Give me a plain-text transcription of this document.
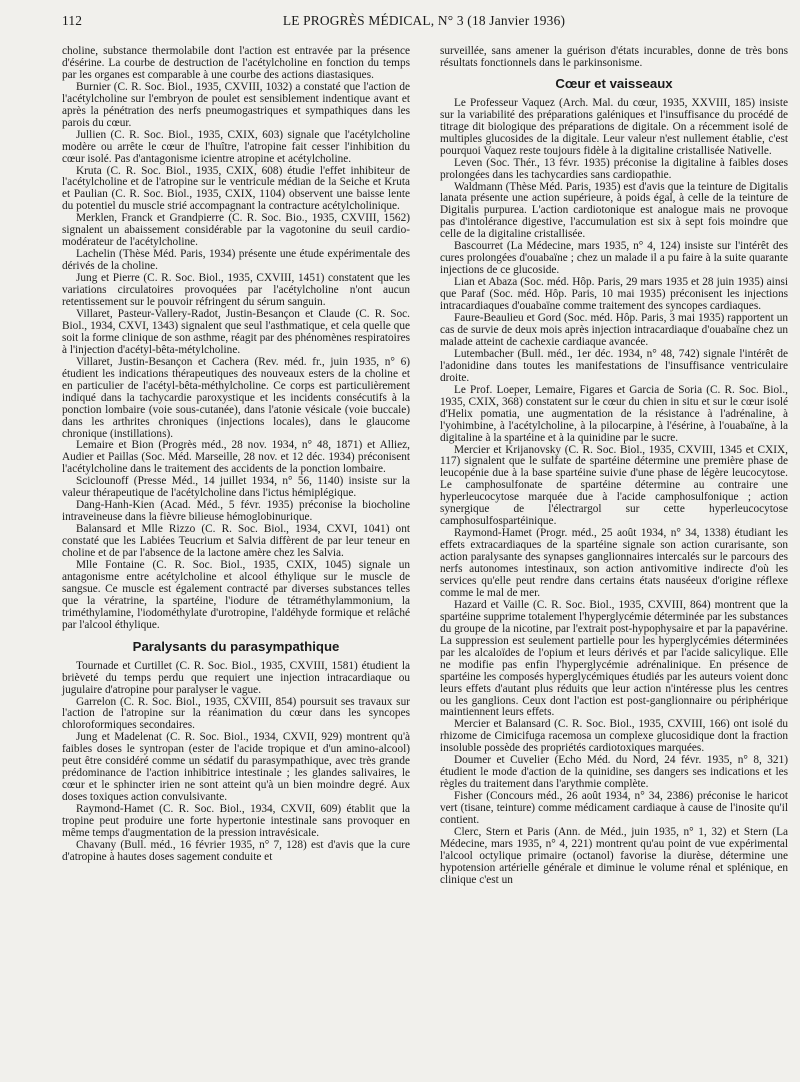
112	LE PROGRÈS MÉDICAL, N° 3 (18 Janvier 1936)

choline, substance thermolabile dont l'action est entravée par la présence d'ésérine. La courbe de destruction de l'acétylcholine en fonction du temps par les organes est comparable à une courbe des actions diastasiques.

Burnier (C. R. Soc. Biol., 1935, CXVIII, 1032) a constaté que l'action de l'acétylcholine sur l'embryon de poulet est sensiblement indentique avant et après la pénétration des nerfs pneumogastriques et sympathiques dans les parois du cœur.

Jullien (C. R. Soc. Biol., 1935, CXIX, 603) signale que l'acétylcholine modère ou arrête le cœur de l'huître, l'atropine fait cesser l'inhibition du cœur isolé. Pas d'antagonisme icientre atropine et acétylcholine.

Kruta (C. R. Soc. Biol., 1935, CXIX, 608) étudie l'effet inhibiteur de l'acétylcholine et de l'atropine sur le ventricule médian de la Seiche et Kruta et Paulian (C. R. Soc. Biol., 1935, CXIX, 1104) observent une baisse lente du potentiel du muscle strié accompagnant la contracture acétylcholinique.

Merklen, Franck et Grandpierre (C. R. Soc. Bio., 1935, CXVIII, 1562) signalent un abaissement considérable par la vagotonine du seuil cardio-modérateur de l'acétylcholine.

Lachelin (Thèse Méd. Paris, 1934) présente une étude expérimentale des dérivés de la choline.

Jung et Pierre (C. R. Soc. Biol., 1935, CXVIII, 1451) constatent que les variations circulatoires provoquées par l'acétylcholine n'ont aucun retentissement sur le pouvoir réfringent du sérum sanguin.

Villaret, Pasteur-Vallery-Radot, Justin-Besançon et Claude (C. R. Soc. Biol., 1934, CXVI, 1343) signalent que seul l'asthmatique, et cela quelle que soit la forme clinique de son asthme, réagit par des phénomènes respiratoires à l'injection d'acétyl-bêta-métylcholine.

Villaret, Justin-Besançon et Cachera (Rev. méd. fr., juin 1935, n° 6) étudient les indications thérapeutiques des nouveaux esters de la choline et en particulier de l'acétyl-bêta-méthylcholine. Ce corps est particulièrement indiqué dans la tachycardie paroxystique et les incidents consécutifs à la ponction lombaire (voie sous-cutanée), dans l'atonie vésicale (voie buccale) dans les arthrites chroniques (injections locales), dans le glaucome chronique (instillations).

Lemaire et Bion (Progrès méd., 28 nov. 1934, n° 48, 1871) et Alliez, Audier et Paillas (Soc. Méd. Marseille, 28 nov. et 12 déc. 1934) préconisent l'acétylcholine dans le traitement des accidents de la ponction lombaire.

Sciclounoff (Presse Méd., 14 juillet 1934, n° 56, 1140) insiste sur la valeur thérapeutique de l'acétylcholine dans l'ictus hémiplégique.

Dang-Hanh-Kien (Acad. Méd., 5 févr. 1935) préconise la biocholine intraveineuse dans la fièvre bilieuse hémoglobinurique.

Balansard et Mlle Rizzo (C. R. Soc. Biol., 1934, CXVI, 1041) ont constaté que les Labiées Teucrium et Salvia diffèrent de par leur teneur en choline et de par l'absence de la lactone amère chez les Salvia.

Mlle Fontaine (C. R. Soc. Biol., 1935, CXIX, 1045) signale un antagonisme entre acétylcholine et alcool éthylique sur le muscle de sangsue. Ce muscle est également contracté par diverses substances telles que la vératrine, la spartéine, l'iodure de tétraméthylammonium, la triméthylamine, l'iodométhylate d'urotropine, l'aldéhyde formique et relâché par l'alcool éthylique.

Paralysants du parasympathique

Tournade et Curtillet (C. R. Soc. Biol., 1935, CXVIII, 1581) étudient la brièveté du temps perdu que requiert une injection intracardiaque ou jugulaire d'atropine pour paralyser le vague.

Garrelon (C. R. Soc. Biol., 1935, CXVIII, 854) poursuit ses travaux sur l'action de l'atropine sur la réanimation du cœur dans les syncopes chloroformiques secondaires.

Jung et Madelenat (C. R. Soc. Biol., 1934, CXVII, 929) montrent qu'à faibles doses le syntropan (ester de l'acide tropique et d'un amino-alcool) peut être considéré comme un sédatif du parasympathique, avec très grande prédominance de l'action inhibitrice intestinale ; les glandes salivaires, le cœur et le sphincter irien ne sont atteint qu'à un bien moindre degré. Aux doses toxiques action convulsivante.

Raymond-Hamet (C. R. Soc. Biol., 1934, CXVII, 609) établit que la tropine peut produire une forte hypertonie intestinale sans provoquer en même temps d'augmentation de la pression intravésicale.

Chavany (Bull. méd., 16 février 1935, n° 7, 128) est d'avis que la cure d'atropine à hautes doses sagement conduite et

surveillée, sans amener la guérison d'états incurables, donne de très bons résultats fonctionnels dans le parkinsonisme.

Cœur et vaisseaux

Le Professeur Vaquez (Arch. Mal. du cœur, 1935, XXVIII, 185) insiste sur la variabilité des préparations galéniques et l'insuffisance du procédé de titrage dit biologique des préparations de digitale. On a récemment isolé de multiples glucosides de la digitale. Leur valeur n'est nullement établie, c'est pourquoi Vaquez reste toujours fidèle à la digitaline cristallisée Nativelle.

Leven (Soc. Thér., 13 févr. 1935) préconise la digitaline à faibles doses prolongées dans les tachycardies sans cardiopathie.

Waldmann (Thèse Méd. Paris, 1935) est d'avis que la teinture de Digitalis lanata présente une action supérieure, à poids égal, à celle de la teinture de Digitalis purpurea. L'action cardiotonique est analogue mais ne provoque pas d'intolérance digestive, l'accumulation est six à sept fois moindre que celle de la digitaline cristallisée.

Bascourret (La Médecine, mars 1935, n° 4, 124) insiste sur l'intérêt des cures prolongées d'ouabaïne ; chez un malade il a pu faire à la suite quarante injections de ce glucoside.

Lian et Abaza (Soc. méd. Hôp. Paris, 29 mars 1935 et 28 juin 1935) ainsi que Paraf (Soc. méd. Hôp. Paris, 10 mai 1935) préconisent les injections intracardiaques d'ouabaïne comme traitement des syncopes cardiaques.

Faure-Beaulieu et Gord (Soc. méd. Hôp. Paris, 3 mai 1935) rapportent un cas de survie de deux mois après injection intracardiaque d'ouabaïne chez un malade atteint de cachexie cardiaque avancée.

Lutembacher (Bull. méd., 1er déc. 1934, n° 48, 742) signale l'intérêt de l'adonidine dans toutes les manifestations de l'insuffisance ventriculaire droite.

Le Prof. Loeper, Lemaire, Figares et Garcia de Soria (C. R. Soc. Biol., 1935, CXIX, 368) constatent sur le cœur du chien in situ et sur le cœur isolé d'Helix pomatia, une augmentation de la résistance à l'adrénaline, à l'yohimbine, à l'acétylcholine, à la pilocarpine, à l'ésérine, à l'ouabaïne, à la digitaline à la spartéine et à la quinidine par le sucre.

Mercier et Krijanovsky (C. R. Soc. Biol., 1935, CXVIII, 1345 et CXIX, 117) signalent que le sulfate de spartéine détermine une première phase de leucopénie due à la base spartéine suivie d'une phase de légère leucocytose. Le camphosulfonate de spartéine détermine au contraire une hyperleucocytose marquée due à l'acide camphosulfonique ; action synergique de l'électrargol sur cette hyperleucocytose camphosulfospartéinique.

Raymond-Hamet (Progr. méd., 25 août 1934, n° 34, 1338) étudiant les effets extracardiaques de la spartéine signale son action curarisante, son action paralysante des synapses ganglionnaires intercalés sur le parcours des nerfs autonomes intestinaux, son action antivomitive indirecte d'où les services qu'elle peut rendre dans certains états nauséeux d'origine réflexe comme le mal de mer.

Hazard et Vaille (C. R. Soc. Biol., 1935, CXVIII, 864) montrent que la spartéine supprime totalement l'hyperglycémie déterminée par les substances du groupe de la nicotine, par l'extrait post-hypophysaire et par la papavérine. La suppression est seulement partielle pour les hyperglycémies déterminées par les alcaloïdes de l'opium et leurs dérivés et par l'acide salicylique. Elle ne modifie pas enfin l'hyperglycémie adrénalinique. En présence de spartéine les composés hyperglycémiques étudiés par les auteurs voient donc leurs effets d'autant plus réduits que leur action n'intéresse plus les centres ou les ganglions. Ceux dont l'action est post-ganglionnaire ou périphérique maintiennent leurs effets.

Mercier et Balansard (C. R. Soc. Biol., 1935, CXVIII, 166) ont isolé du rhizome de Cimicifuga racemosa un complexe glucosidique dont la fraction insoluble possède des propriétés cardiotoxiques marquées.

Doumer et Cuvelier (Echo Méd. du Nord, 24 févr. 1935, n° 8, 321) étudient le mode d'action de la quinidine, ses dangers ses indications et les règles du traitement dans l'arythmie complète.

Fisher (Concours méd., 26 août 1934, n° 34, 2386) préconise le haricot vert (tisane, teinture) comme médicament cardiaque à cause de l'inosite qu'il contient.

Clerc, Stern et Paris (Ann. de Méd., juin 1935, n° 1, 32) et Stern (La Médecine, mars 1935, n° 4, 221) montrent qu'au point de vue expérimental l'alcool octylique primaire (octanol) favorise la diurèse, détermine une hypotension artérielle générale et diminue le volume rénal et splénique, en clinique c'est un
